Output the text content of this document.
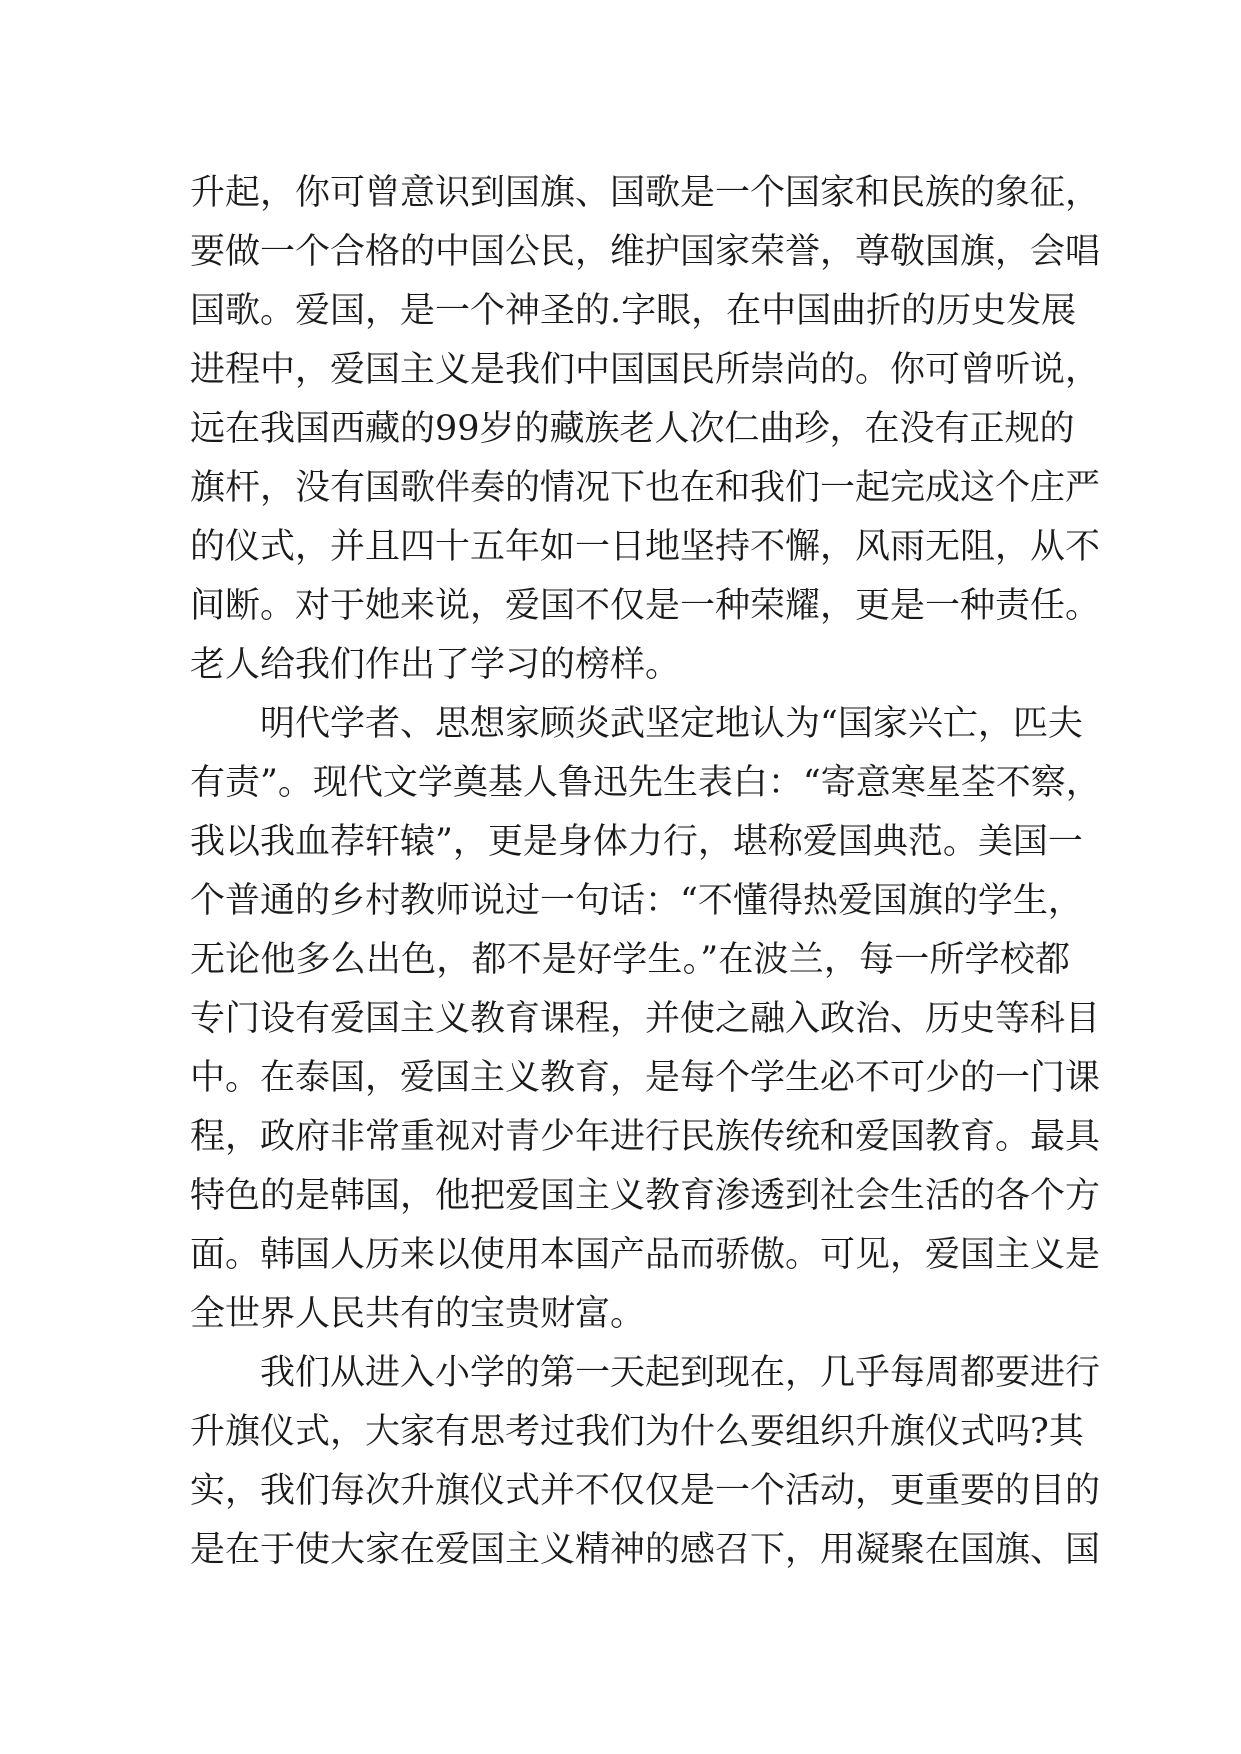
升起，你可曾意识到国旗、国歌是一个国家和民族的象征，
要做一个合格的中国公民，维护国家荣誉，尊敬国旗，会唱
国歌。爱国，是一个神圣的.字眼，在中国曲折的历史发展
进程中，爱国主义是我们中国国民所崇尚的。你可曾听说，
远在我国西藏的99岁的藏族老人次仁曲珍，在没有正规的
旗杆，没有国歌伴奏的情况下也在和我们一起完成这个庄严
的仪式，并且四十五年如一日地坚持不懈，风雨无阻，从不
间断。对于她来说，爱国不仅是一种荣耀，更是一种责任。
老人给我们作出了学习的榜样。
明代学者、思想家顾炎武坚定地认为“国家兴亡，匹夫
有责”。现代文学奠基人鲁迅先生表白：“寄意寒星荃不察，
我以我血荐轩辕”，更是身体力行，堪称爱国典范。美国一
个普通的乡村教师说过一句话：“不懂得热爱国旗的学生，
无论他多么出色，都不是好学生。”在波兰，每一所学校都
专门设有爱国主义教育课程，并使之融入政治、历史等科目
中。在泰国，爱国主义教育，是每个学生必不可少的一门课
程，政府非常重视对青少年进行民族传统和爱国教育。最具
特色的是韩国，他把爱国主义教育渗透到社会生活的各个方
面。韩国人历来以使用本国产品而骄傲。可见，爱国主义是
全世界人民共有的宝贵财富。
我们从进入小学的第一天起到现在，几乎每周都要进行
升旗仪式，大家有思考过我们为什么要组织升旗仪式吗?其
实，我们每次升旗仪式并不仅仅是一个活动，更重要的目的
是在于使大家在爱国主义精神的感召下，用凝聚在国旗、国
